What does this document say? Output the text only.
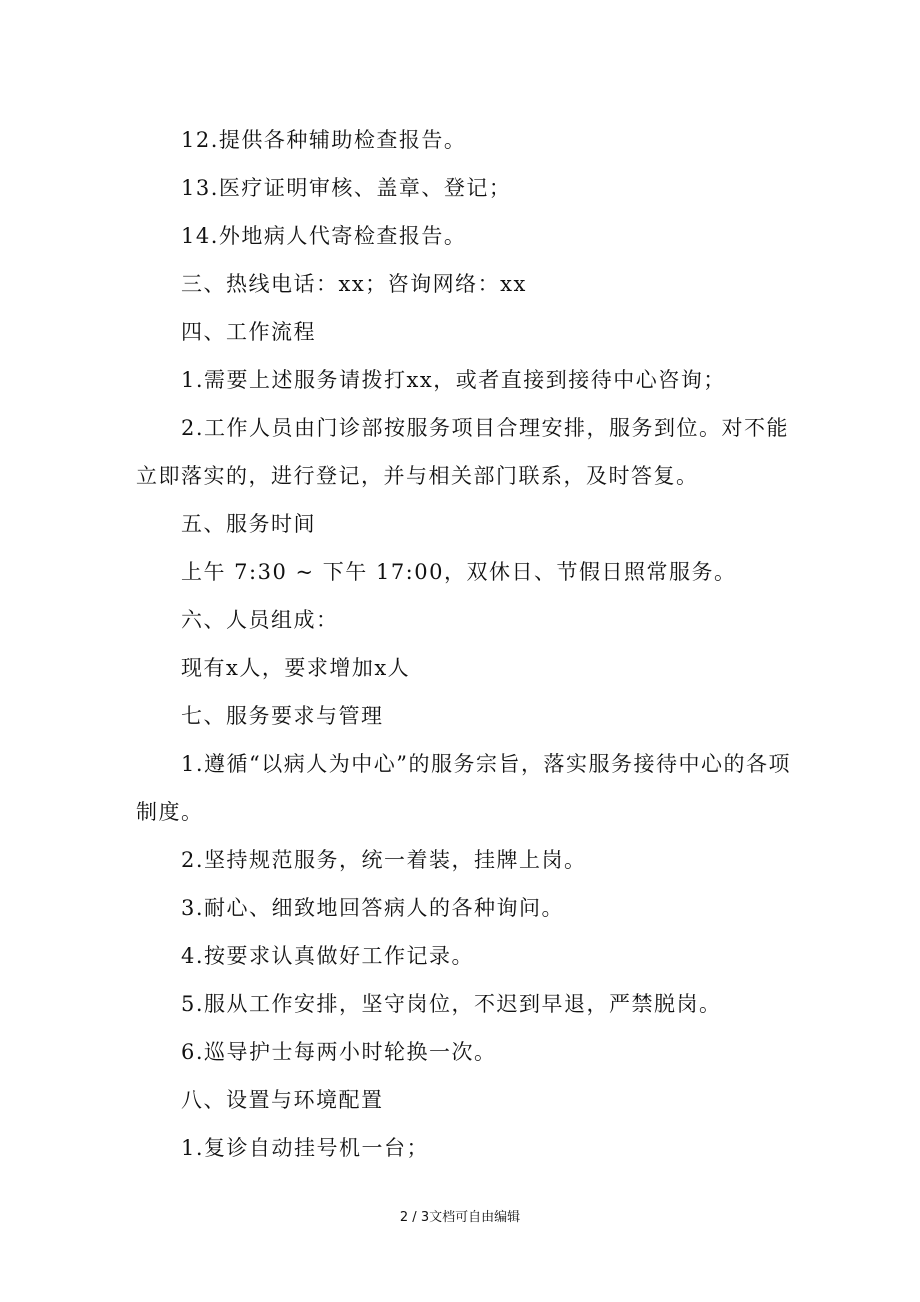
12.提供各种辅助检查报告。

13.医疗证明审核、盖章、登记；

14.外地病人代寄检查报告。

三、热线电话：xx；咨询网络：xx

四、工作流程

1.需要上述服务请拨打xx，或者直接到接待中心咨询；

2.工作人员由门诊部按服务项目合理安排，服务到位。对不能立即落实的，进行登记，并与相关部门联系，及时答复。

五、服务时间

上午 7:30 ~ 下午 17:00，双休日、节假日照常服务。

六、人员组成：

现有x人，要求增加x人

七、服务要求与管理

1.遵循“以病人为中心”的服务宗旨，落实服务接待中心的各项制度。

2.坚持规范服务，统一着装，挂牌上岗。

3.耐心、细致地回答病人的各种询问。

4.按要求认真做好工作记录。

5.服从工作安排，坚守岗位，不迟到早退，严禁脱岗。

6.巡导护士每两小时轮换一次。

八、设置与环境配置

1.复诊自动挂号机一台；

2 / 3文档可自由编辑
